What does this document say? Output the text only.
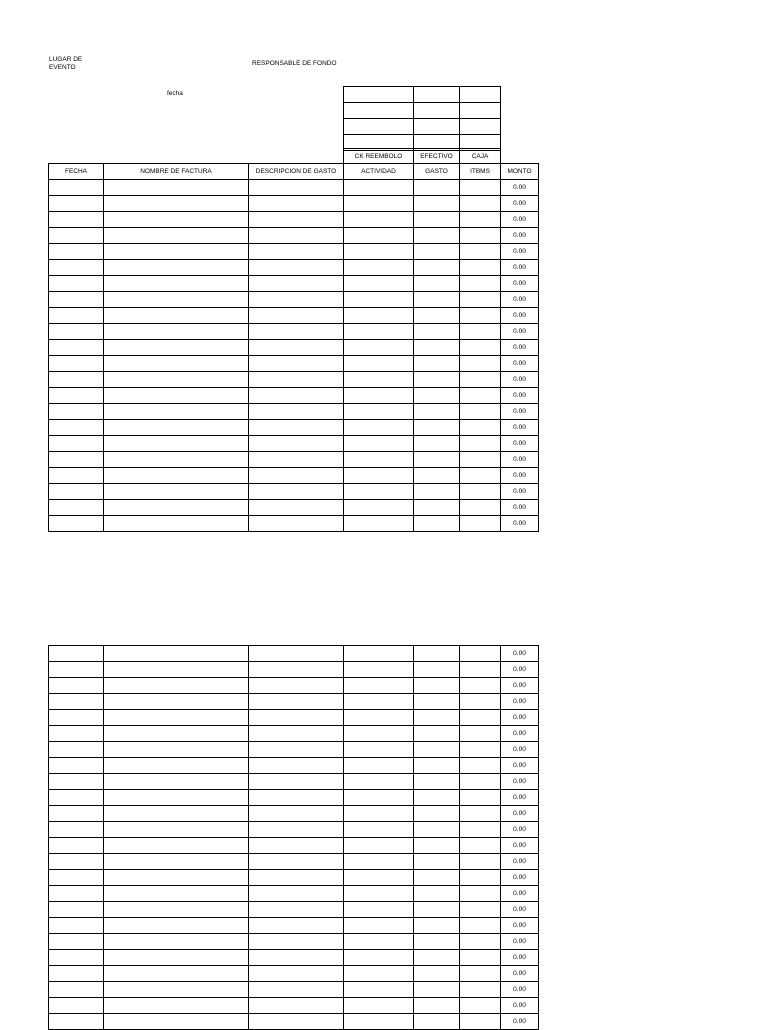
LUGAR DE
EVENTO
RESPONSABLE DE FONDO
fecha

			CK REEMBOLO	EFECTIVO	CAJA	
FECHA	NOMBRE DE FACTURA	DESCRIPCION DE GASTO	ACTIVIDAD	GASTO	ITBMS	MONTO
						0.00
						0.00
						0.00
						0.00
						0.00
						0.00
						0.00
						0.00
						0.00
						0.00
						0.00
						0.00
						0.00
						0.00
						0.00
						0.00
						0.00
						0.00
						0.00
						0.00
						0.00
						0.00
						0.00
						0.00
						0.00
						0.00
						0.00
						0.00
						0.00
						0.00
						0.00
						0.00
						0.00
						0.00
						0.00
						0.00
						0.00
						0.00
						0.00
						0.00
						0.00
						0.00
						0.00
						0.00
						0.00
						0.00
